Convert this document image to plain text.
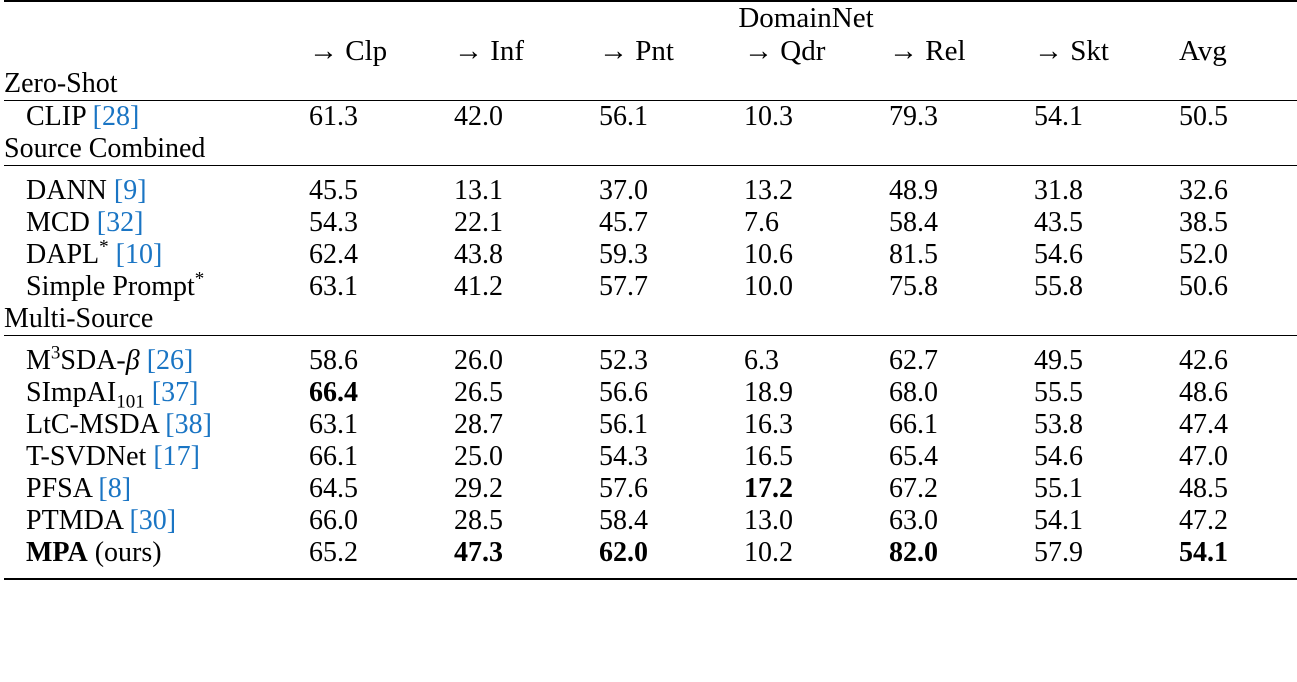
	DomainNet						
	→ Clp	→ Inf	→ Pnt	→ Qdr	→ Rel	→ Skt	Avg
Zero-Shot							
CLIP [28]	61.3	42.0	56.1	10.3	79.3	54.1	50.5
Source Combined							

DANN [9]	45.5	13.1	37.0	13.2	48.9	31.8	32.6
MCD [32]	54.3	22.1	45.7	7.6	58.4	43.5	38.5
DAPL* [10]	62.4	43.8	59.3	10.6	81.5	54.6	52.0
Simple Prompt*	63.1	41.2	57.7	10.0	75.8	55.8	50.6
Multi-Source							

$M^3SDA-\beta$ [26]	58.6	26.0	52.3	6.3	62.7	49.5	42.6
SImpAI$_{101}$ [37]	66.4	26.5	56.6	18.9	68.0	55.5	48.6
LtC-MSDA [38]	63.1	28.7	56.1	16.3	66.1	53.8	47.4
T-SVDNet [17]	66.1	25.0	54.3	16.5	65.4	54.6	47.0
PFSA [8]	64.5	29.2	57.6	17.2	67.2	55.1	48.5
PTMDA [30]	66.0	28.5	58.4	13.0	63.0	54.1	47.2
MPA (ours)	65.2	47.3	62.0	10.2	82.0	57.9	54.1
